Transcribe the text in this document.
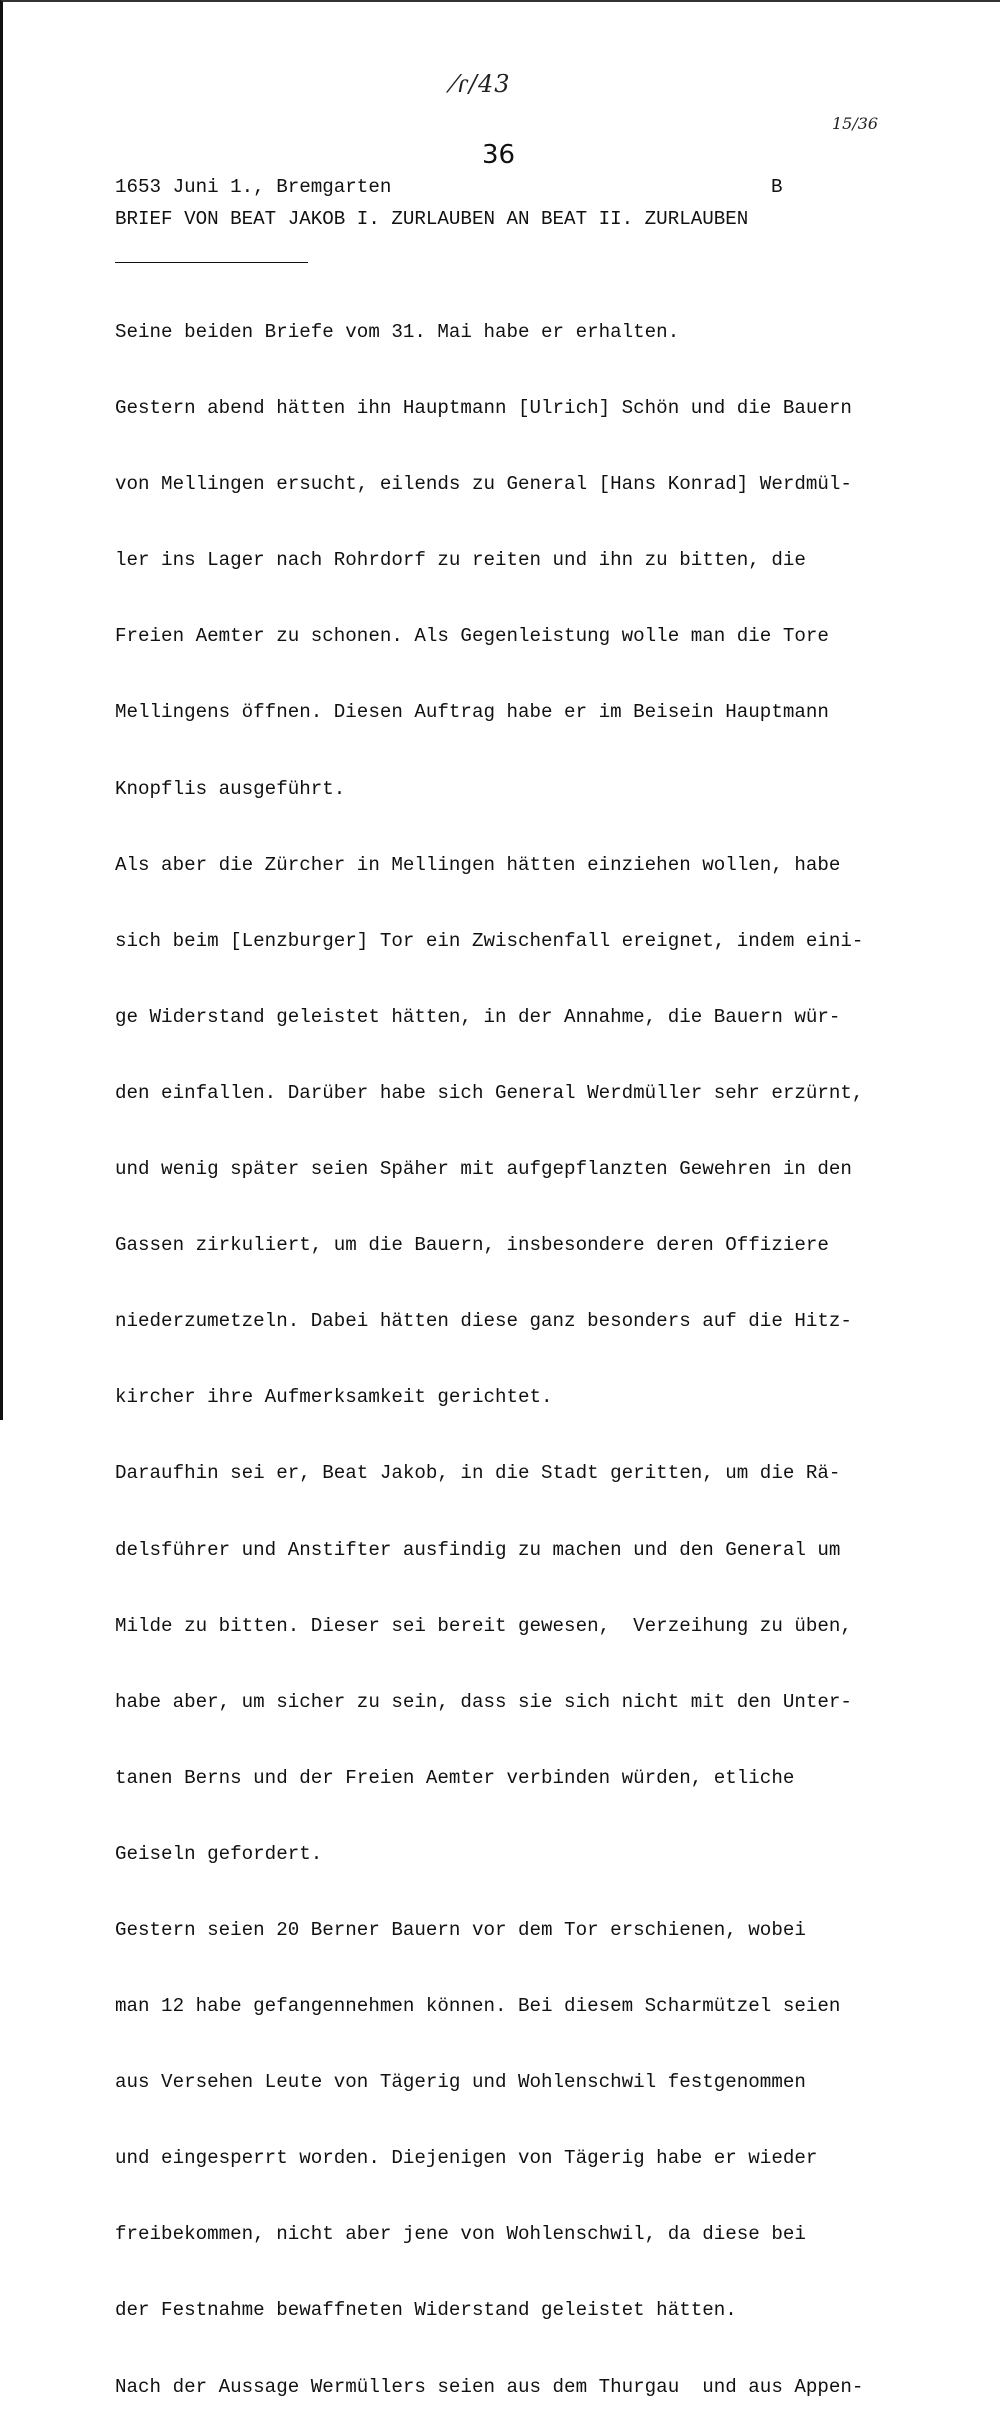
⁄ɾ/43
36
15/36
1653 Juni 1., Bremgarten	B
BRIEF VON BEAT JAKOB I. ZURLAUBEN AN BEAT II. ZURLAUBEN

Seine beiden Briefe vom 31. Mai habe er erhalten.

Gestern abend hätten ihn Hauptmann [Ulrich] Schön und die Bauern

von Mellingen ersucht, eilends zu General [Hans Konrad] Werdmül-

ler ins Lager nach Rohrdorf zu reiten und ihn zu bitten, die

Freien Aemter zu schonen. Als Gegenleistung wolle man die Tore

Mellingens öffnen. Diesen Auftrag habe er im Beisein Hauptmann

Knopflis ausgeführt.

Als aber die Zürcher in Mellingen hätten einziehen wollen, habe

sich beim [Lenzburger] Tor ein Zwischenfall ereignet, indem eini-

ge Widerstand geleistet hätten, in der Annahme, die Bauern wür-

den einfallen. Darüber habe sich General Werdmüller sehr erzürnt,

und wenig später seien Späher mit aufgepflanzten Gewehren in den

Gassen zirkuliert, um die Bauern, insbesondere deren Offiziere

niederzumetzeln. Dabei hätten diese ganz besonders auf die Hitz-

kircher ihre Aufmerksamkeit gerichtet.

Daraufhin sei er, Beat Jakob, in die Stadt geritten, um die Rä-

delsführer und Anstifter ausfindig zu machen und den General um

Milde zu bitten. Dieser sei bereit gewesen,  Verzeihung zu üben,

habe aber, um sicher zu sein, dass sie sich nicht mit den Unter-

tanen Berns und der Freien Aemter verbinden würden, etliche

Geiseln gefordert.

Gestern seien 20 Berner Bauern vor dem Tor erschienen, wobei

man 12 habe gefangennehmen können. Bei diesem Scharmützel seien

aus Versehen Leute von Tägerig und Wohlenschwil festgenommen

und eingesperrt worden. Diejenigen von Tägerig habe er wieder

freibekommen, nicht aber jene von Wohlenschwil, da diese bei

der Festnahme bewaffneten Widerstand geleistet hätten.

Nach der Aussage Wermüllers seien aus dem Thurgau  und aus Appen-
